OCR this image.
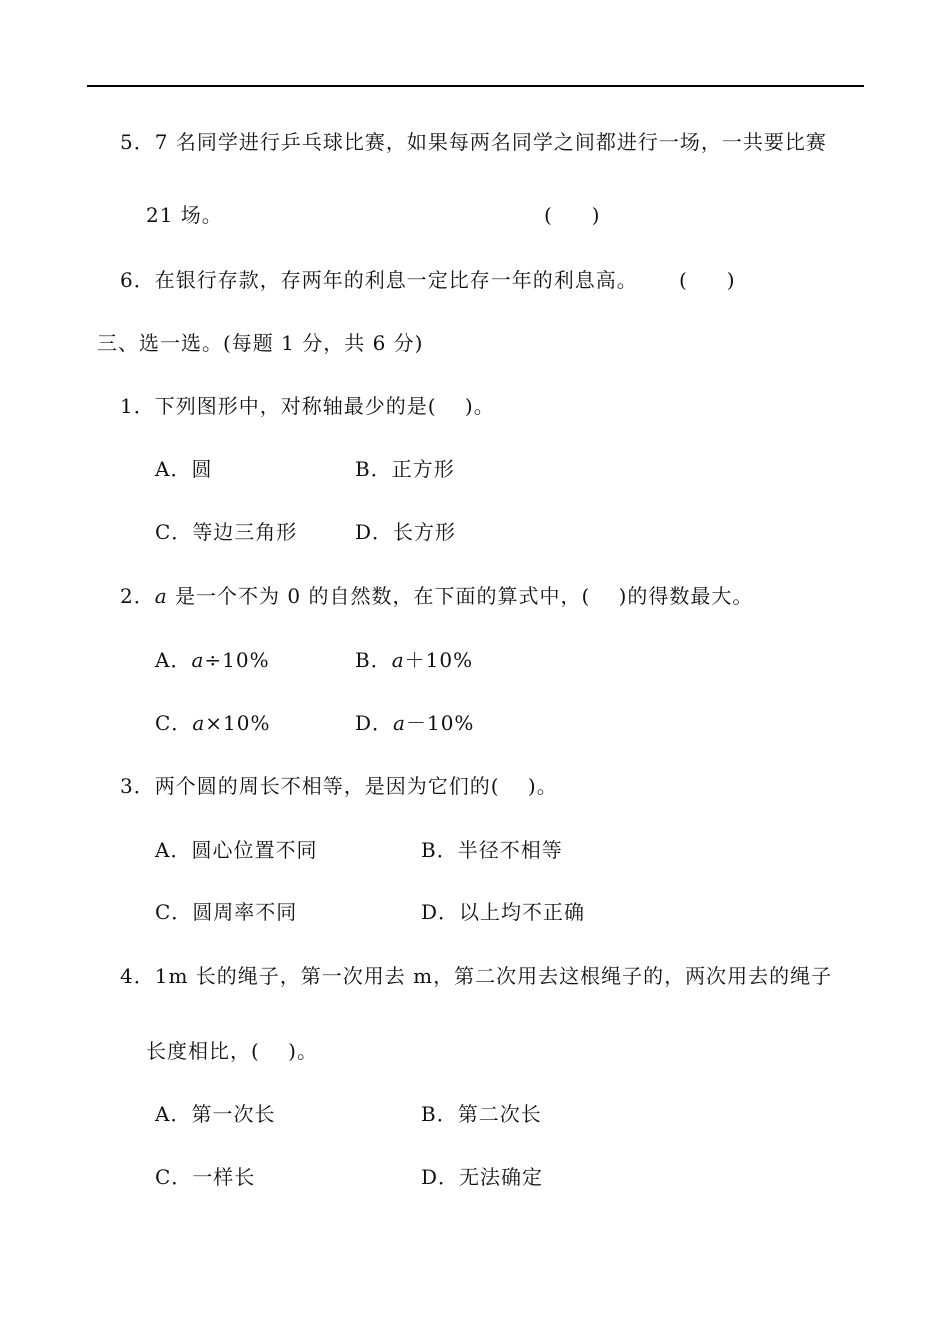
5．7 名同学进行乒乓球比赛，如果每两名同学之间都进行一场，一共要比赛
21 场。	(　　)
6．在银行存款，存两年的利息一定比存一年的利息高。 (　　)
三、选一选。(每题 1 分，共 6 分)
1．下列图形中，对称轴最少的是(　 )。
A．圆	B．正方形
C．等边三角形	D．长方形
2．a 是一个不为 0 的自然数，在下面的算式中，(　 )的得数最大。
A．a÷10%	B．a＋10%
C．a×10%	D．a－10%
3．两个圆的周长不相等，是因为它们的(　 )。
A．圆心位置不同	B．半径不相等
C．圆周率不同	D．以上均不正确
4．1m 长的绳子，第一次用去 m，第二次用去这根绳子的，两次用去的绳子
长度相比，(　 )。
A．第一次长	B．第二次长
C．一样长	D．无法确定
